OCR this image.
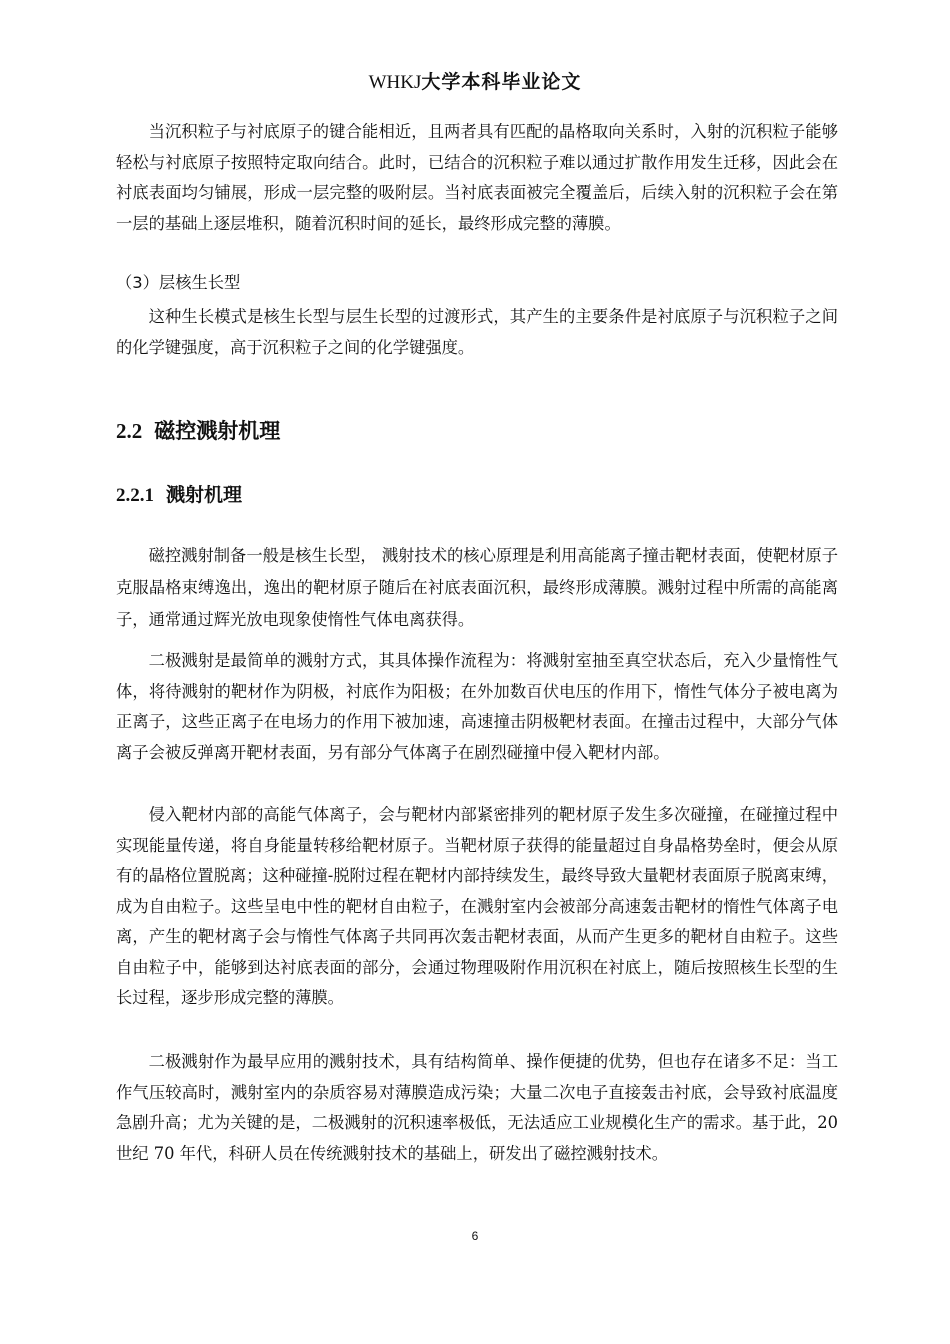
WHKJ大学本科毕业论文

当沉积粒子与衬底原子的键合能相近，且两者具有匹配的晶格取向关系时，入射的沉积粒子能够轻松与衬底原子按照特定取向结合。此时，已结合的沉积粒子难以通过扩散作用发生迁移，因此会在衬底表面均匀铺展，形成一层完整的吸附层。当衬底表面被完全覆盖后，后续入射的沉积粒子会在第一层的基础上逐层堆积，随着沉积时间的延长，最终形成完整的薄膜。

（3）层核生长型

这种生长模式是核生长型与层生长型的过渡形式，其产生的主要条件是衬底原子与沉积粒子之间的化学键强度，高于沉积粒子之间的化学键强度。

2.2 磁控溅射机理
2.2.1 溅射机理

磁控溅射制备一般是核生长型， 溅射技术的核心原理是利用高能离子撞击靶材表面，使靶材原子克服晶格束缚逸出，逸出的靶材原子随后在衬底表面沉积，最终形成薄膜。溅射过程中所需的高能离子，通常通过辉光放电现象使惰性气体电离获得。

二极溅射是最简单的溅射方式，其具体操作流程为：将溅射室抽至真空状态后，充入少量惰性气体，将待溅射的靶材作为阴极，衬底作为阳极；在外加数百伏电压的作用下，惰性气体分子被电离为正离子，这些正离子在电场力的作用下被加速，高速撞击阴极靶材表面。在撞击过程中，大部分气体离子会被反弹离开靶材表面，另有部分气体离子在剧烈碰撞中侵入靶材内部。

侵入靶材内部的高能气体离子，会与靶材内部紧密排列的靶材原子发生多次碰撞，在碰撞过程中实现能量传递，将自身能量转移给靶材原子。当靶材原子获得的能量超过自身晶格势垒时，便会从原有的晶格位置脱离；这种碰撞-脱附过程在靶材内部持续发生，最终导致大量靶材表面原子脱离束缚，成为自由粒子。这些呈电中性的靶材自由粒子，在溅射室内会被部分高速轰击靶材的惰性气体离子电离，产生的靶材离子会与惰性气体离子共同再次轰击靶材表面，从而产生更多的靶材自由粒子。这些自由粒子中，能够到达衬底表面的部分，会通过物理吸附作用沉积在衬底上，随后按照核生长型的生长过程，逐步形成完整的薄膜。

二极溅射作为最早应用的溅射技术，具有结构简单、操作便捷的优势，但也存在诸多不足：当工作气压较高时，溅射室内的杂质容易对薄膜造成污染；大量二次电子直接轰击衬底，会导致衬底温度急剧升高；尤为关键的是，二极溅射的沉积速率极低，无法适应工业规模化生产的需求。基于此，20 世纪 70 年代，科研人员在传统溅射技术的基础上，研发出了磁控溅射技术。

6
